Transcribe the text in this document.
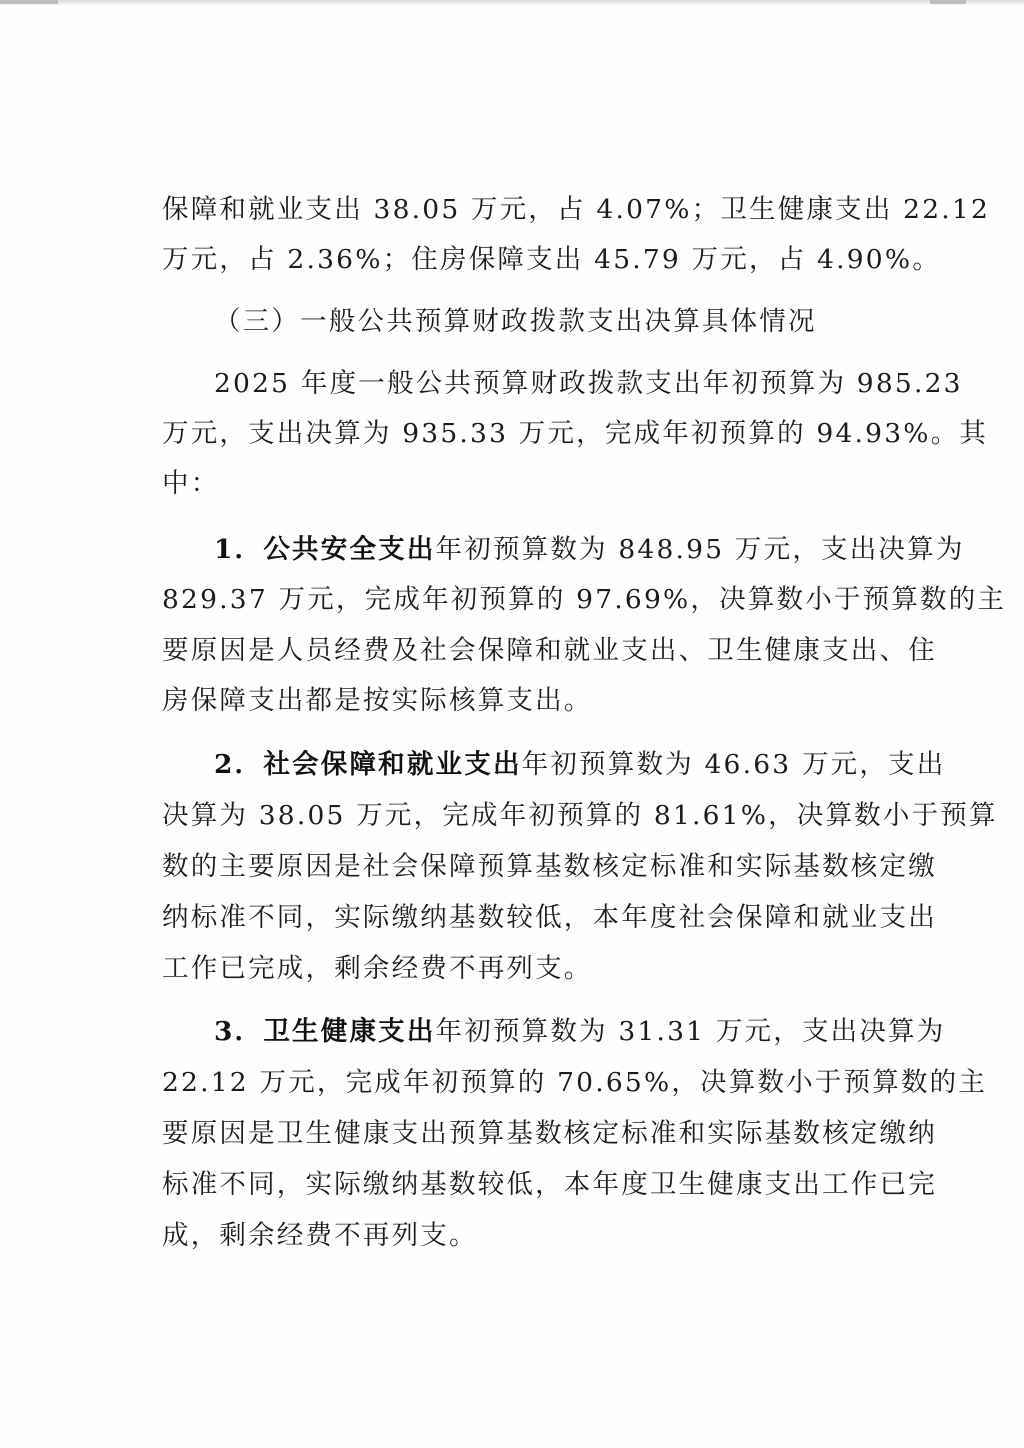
保障和就业支出 38.05 万元，占 4.07%；卫生健康支出 22.12
万元，占 2.36%；住房保障支出 45.79 万元，占 4.90%。
（三）一般公共预算财政拨款支出决算具体情况
2025 年度一般公共预算财政拨款支出年初预算为 985.23
万元，支出决算为 935.33 万元，完成年初预算的 94.93%。其
中：
1．公共安全支出年初预算数为 848.95 万元，支出决算为
829.37 万元，完成年初预算的 97.69%，决算数小于预算数的主
要原因是人员经费及社会保障和就业支出、卫生健康支出、住
房保障支出都是按实际核算支出。
2．社会保障和就业支出年初预算数为 46.63 万元，支出
决算为 38.05 万元，完成年初预算的 81.61%，决算数小于预算
数的主要原因是社会保障预算基数核定标准和实际基数核定缴
纳标准不同，实际缴纳基数较低，本年度社会保障和就业支出
工作已完成，剩余经费不再列支。
3．卫生健康支出年初预算数为 31.31 万元，支出决算为
22.12 万元，完成年初预算的 70.65%，决算数小于预算数的主
要原因是卫生健康支出预算基数核定标准和实际基数核定缴纳
标准不同，实际缴纳基数较低，本年度卫生健康支出工作已完
成，剩余经费不再列支。
